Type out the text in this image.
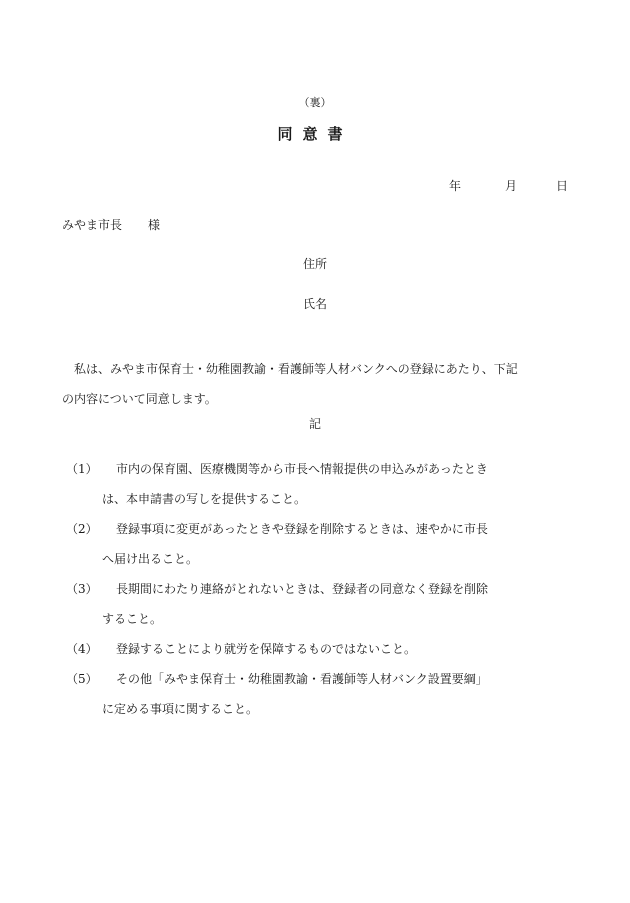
（裏）
同意書
年	月	日
みやま市長 様
住所
氏名
　私は、みやま市保育士・幼稚園教諭・看護師等人材バンクへの登録にあたり、下記
の内容について同意します。
記
（1）	市内の保育園、医療機関等から市長へ情報提供の申込みがあったとき
は、本申請書の写しを提供すること。
（2）	登録事項に変更があったときや登録を削除するときは、速やかに市長
へ届け出ること。
（3）	長期間にわたり連絡がとれないときは、登録者の同意なく登録を削除
すること。
（4）	登録することにより就労を保障するものではないこと。
（5）	その他「みやま保育士・幼稚園教諭・看護師等人材バンク設置要綱」
に定める事項に関すること。
